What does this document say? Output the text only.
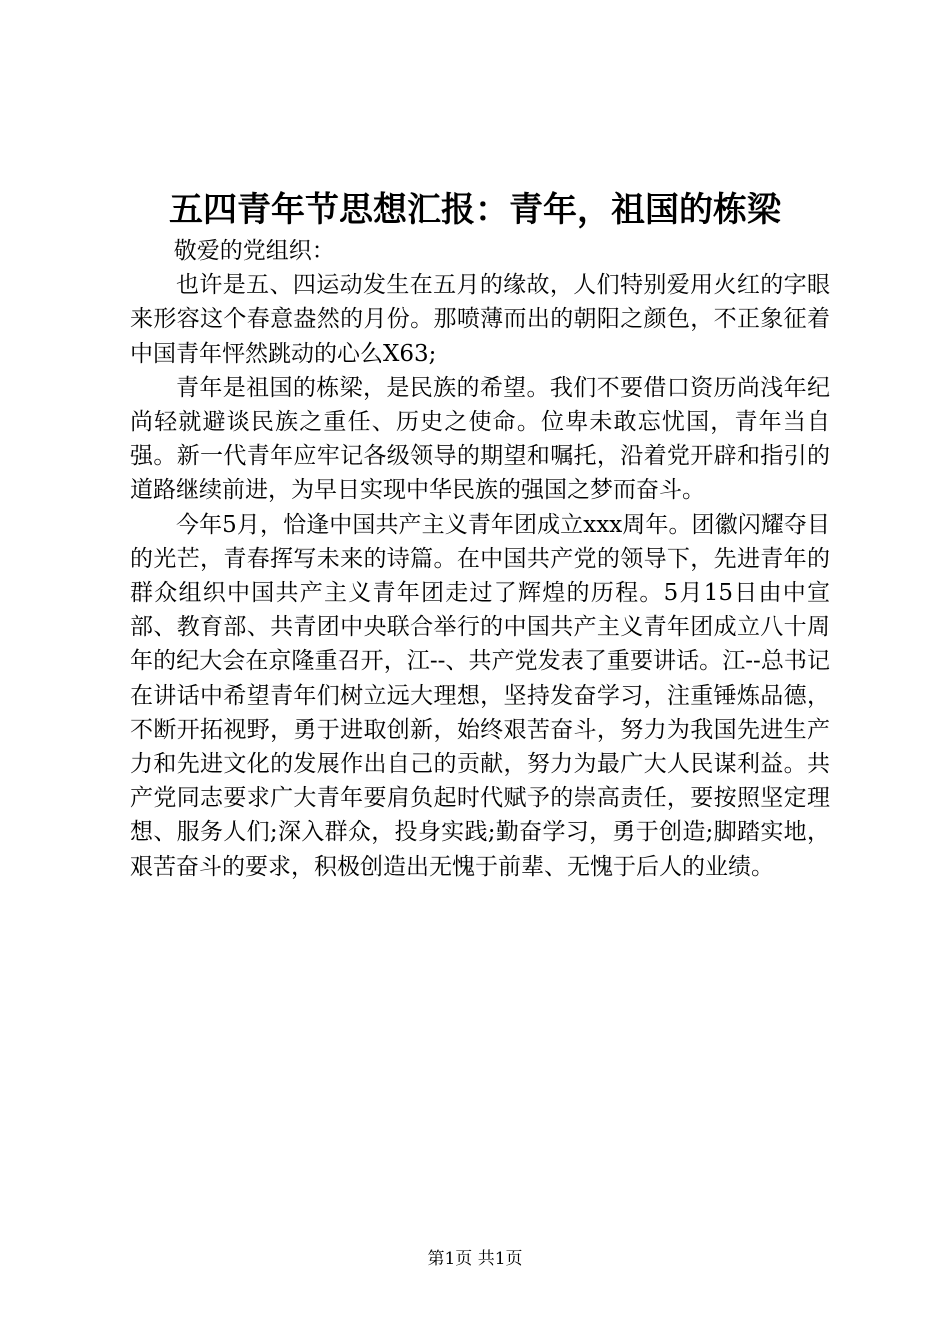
五四青年节思想汇报：青年，祖国的栋梁

敬爱的党组织：

也许是五、四运动发生在五月的缘故，人们特别爱用火红的字眼来形容这个春意盎然的月份。那喷薄而出的朝阳之颜色，不正象征着中国青年怦然跳动的心么X63;

青年是祖国的栋梁，是民族的希望。我们不要借口资历尚浅年纪尚轻就避谈民族之重任、历史之使命。位卑未敢忘忧国，青年当自强。新一代青年应牢记各级领导的期望和嘱托，沿着党开辟和指引的道路继续前进，为早日实现中华民族的强国之梦而奋斗。

今年5月，恰逢中国共产主义青年团成立xxx周年。团徽闪耀夺目的光芒，青春挥写未来的诗篇。在中国共产党的领导下，先进青年的群众组织中国共产主义青年团走过了辉煌的历程。5月15日由中宣部、教育部、共青团中央联合举行的中国共产主义青年团成立八十周年的纪大会在京隆重召开，江--、共产党发表了重要讲话。江--总书记在讲话中希望青年们树立远大理想，坚持发奋学习，注重锤炼品德，不断开拓视野，勇于进取创新，始终艰苦奋斗，努力为我国先进生产力和先进文化的发展作出自己的贡献，努力为最广大人民谋利益。共产党同志要求广大青年要肩负起时代赋予的崇高责任，要按照坚定理想、服务人们;深入群众，投身实践;勤奋学习，勇于创造;脚踏实地，艰苦奋斗的要求，积极创造出无愧于前辈、无愧于后人的业绩。

第1页 共1页
